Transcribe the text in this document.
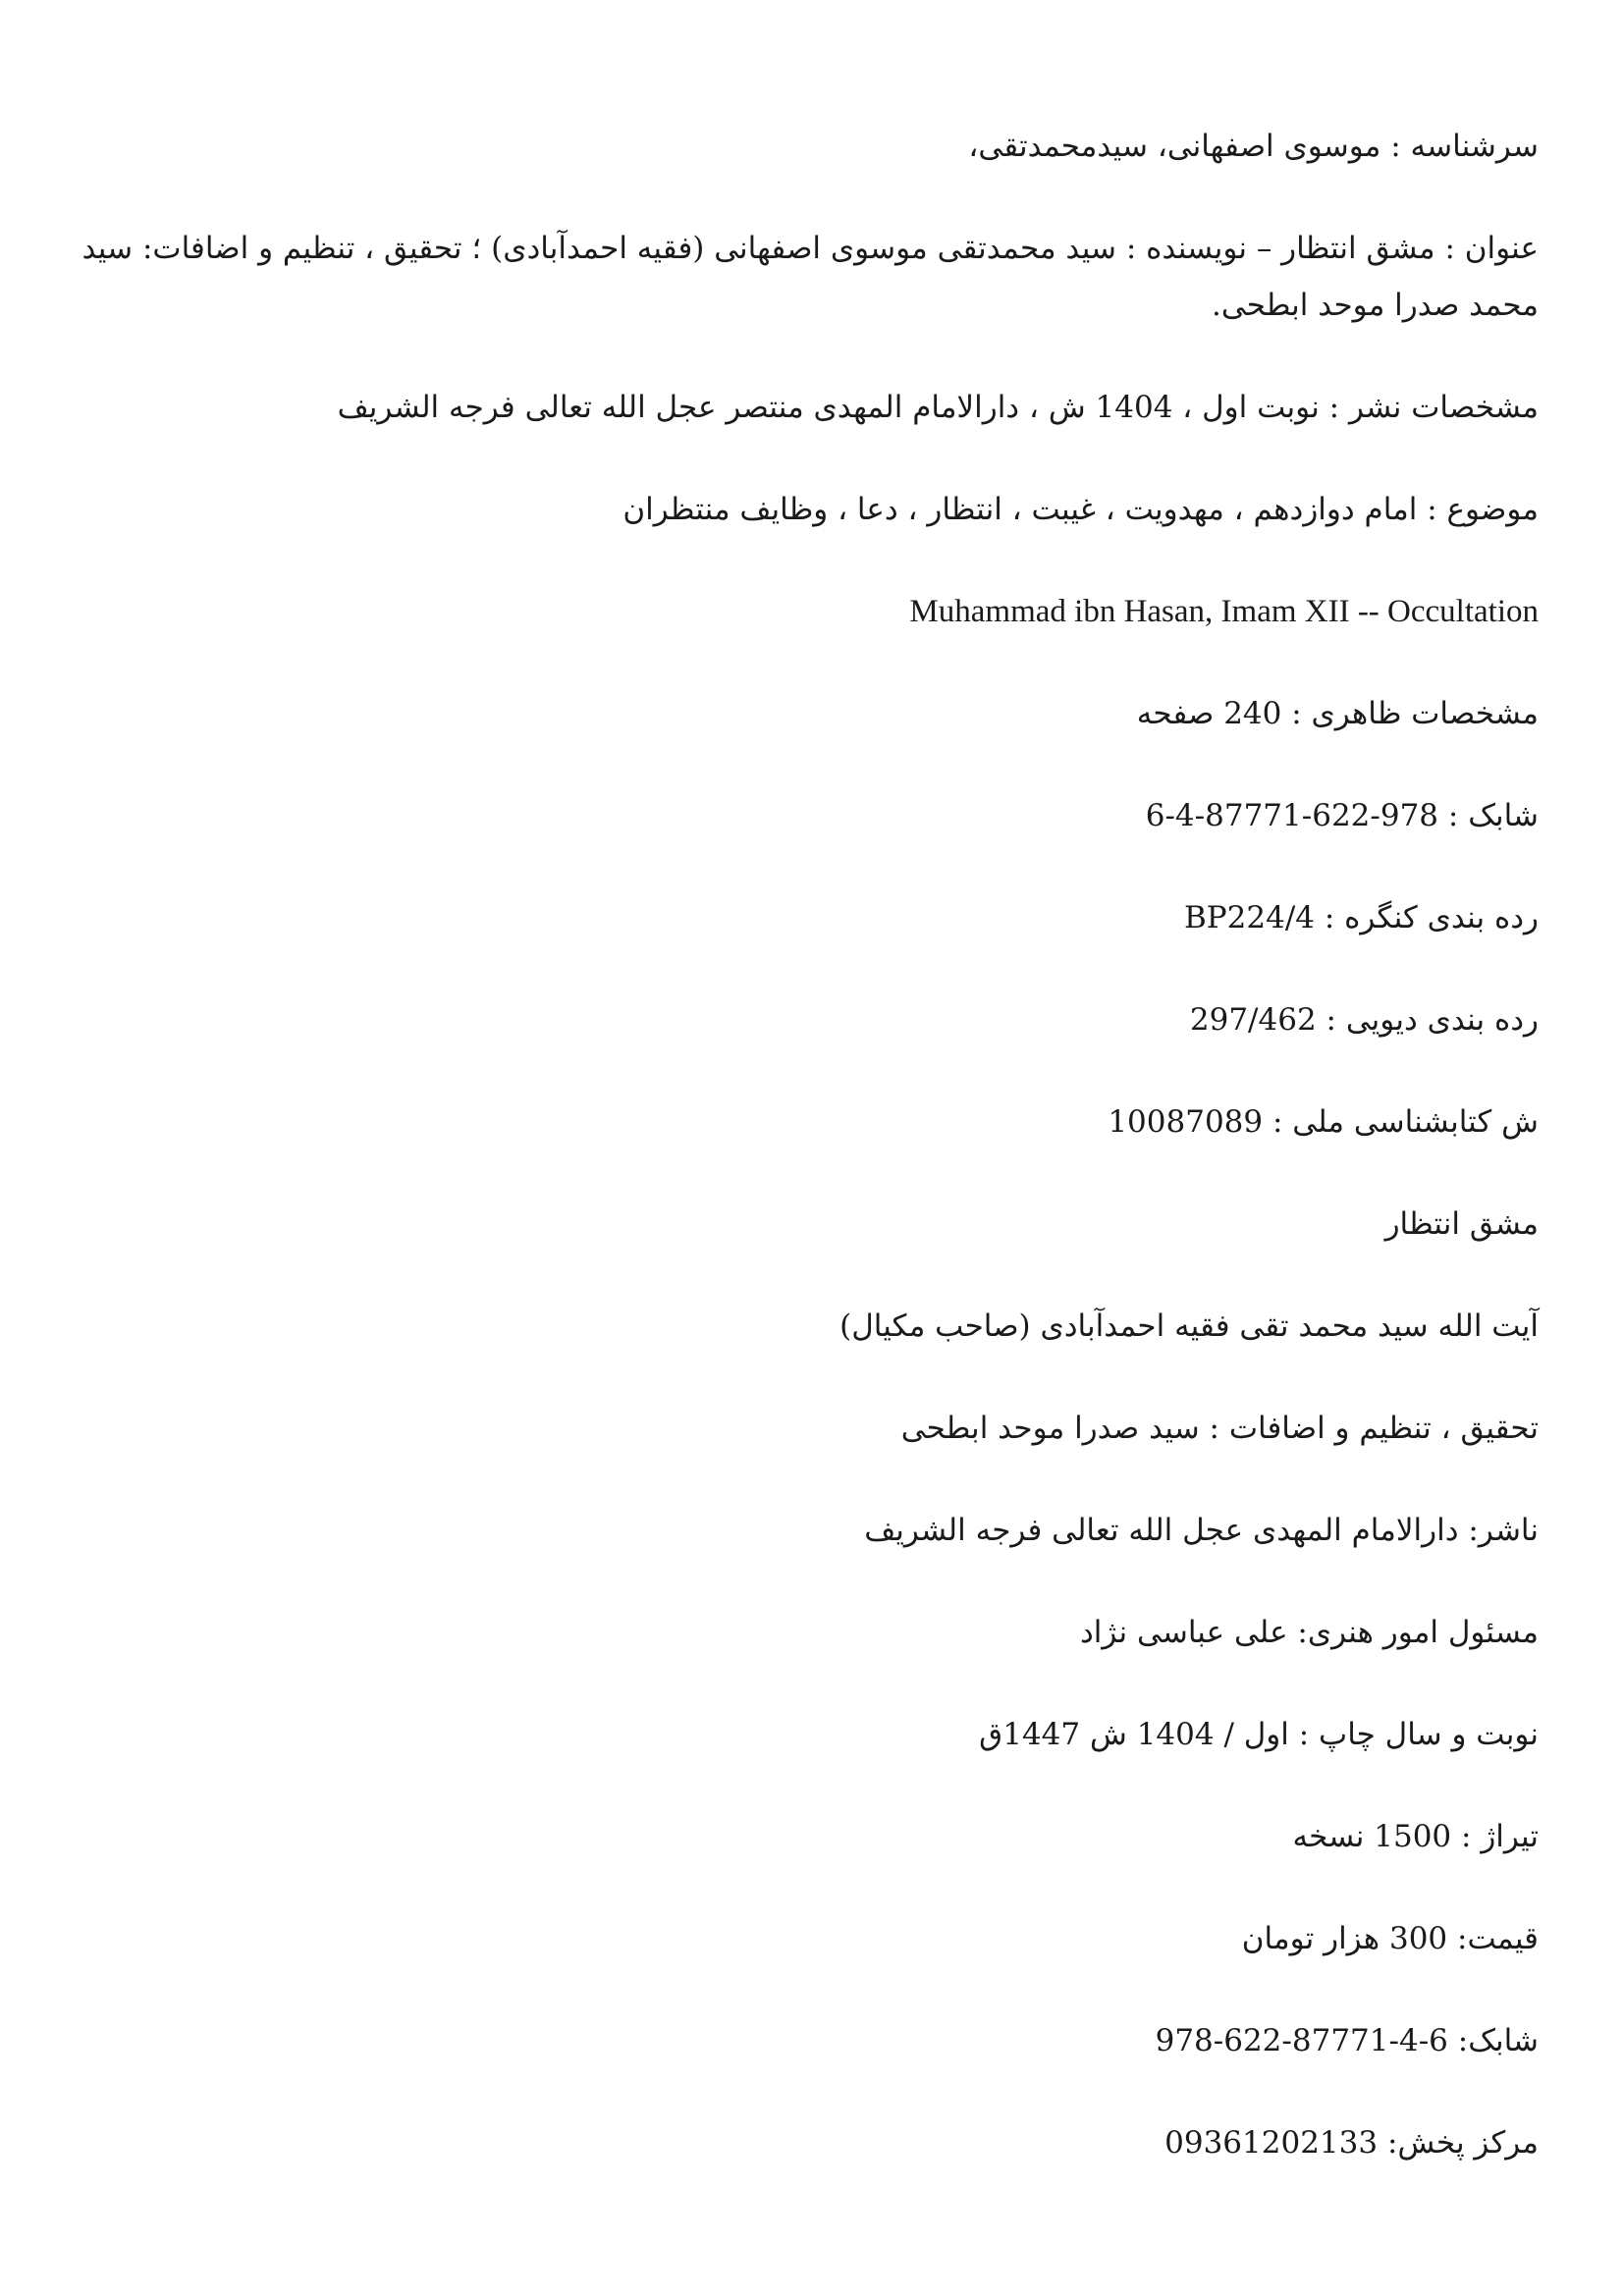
سرشناسه : موسوی اصفهانی، سیدمحمدتقی،
عنوان : مشق انتظار – نویسنده : سید محمدتقی موسوی اصفهانی (فقیه احمدآبادی) ؛ تحقیق ، تنظیم و اضافات: سید محمد صدرا موحد ابطحی.
مشخصات نشر : نوبت اول ، 1404 ش ، دارالامام المهدی منتصر عجل الله تعالی فرجه الشریف
موضوع : امام دوازدهم ، مهدویت ، غیبت ، انتظار ، دعا ، وظایف منتظران
Muhammad ibn Hasan, Imam XII -- Occultation
مشخصات ظاهری : 240 صفحه
شابک : 6-4-87771-622-978
رده بندی کنگره : BP224/4
رده بندی دیویی : 297/462
ش کتابشناسی ملی : 10087089
مشق انتظار
آیت الله سید محمد تقی فقیه احمدآبادی (صاحب مکیال)
تحقیق ، تنظیم و اضافات : سید صدرا موحد ابطحی
ناشر: دارالامام المهدی عجل الله تعالی فرجه الشریف
مسئول امور هنری: علی عباسی نژاد
نوبت و سال چاپ : اول / 1404 ش 1447ق
تیراژ : 1500 نسخه
قیمت: 300 هزار تومان
شابک: 978-622-87771-4-6
مرکز پخش: 09361202133
